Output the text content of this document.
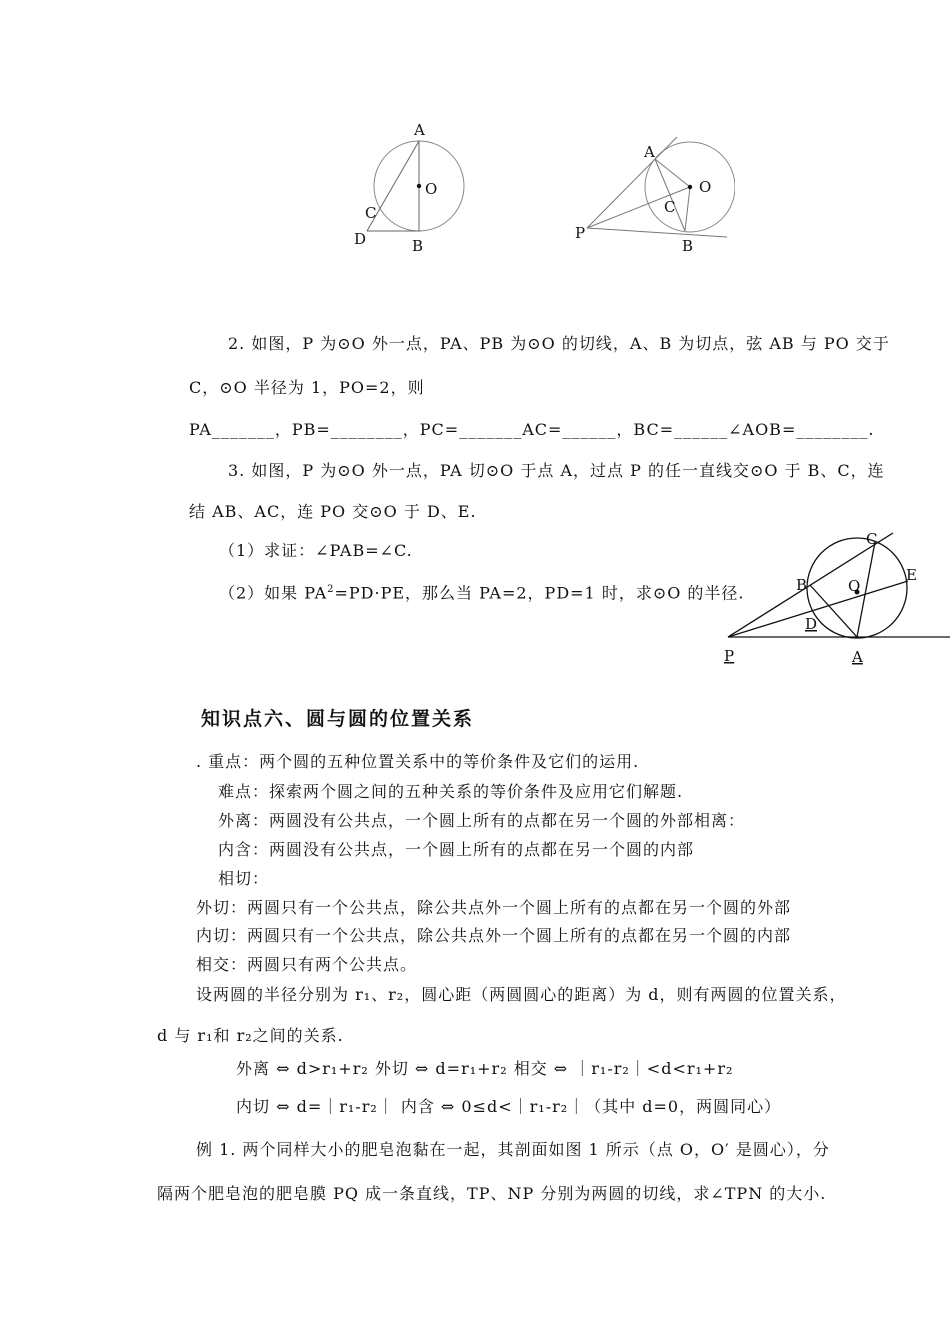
A
O
C
D	B
A
O
C
P
B
2. 如图，P 为⊙O 外一点，PA、PB 为⊙O 的切线，A、B 为切点，弦 AB 与 PO 交于
C，⊙O 半径为 1，PO=2，则
PA_______，PB=________，PC=_______AC=______，BC=______∠AOB=________.
3. 如图，P 为⊙O 外一点，PA 切⊙O 于点 A，过点 P 的任一直线交⊙O 于 B、C，连
结 AB、AC，连 PO 交⊙O 于 D、E.
（1）求证：∠PAB=∠C.
（2）如果 $PA^2=PD\cdot PE$，那么当 PA=2，PD=1 时，求⊙O 的半径.
C
E
B	O
D
P	A
知识点六、圆与圆的位置关系
. 重点：两个圆的五种位置关系中的等价条件及它们的运用.
难点：探索两个圆之间的五种关系的等价条件及应用它们解题.
外离：两圆没有公共点，一个圆上所有的点都在另一个圆的外部相离：
内含：两圆没有公共点，一个圆上所有的点都在另一个圆的内部
相切：
外切：两圆只有一个公共点，除公共点外一个圆上所有的点都在另一个圆的外部
内切：两圆只有一个公共点，除公共点外一个圆上所有的点都在另一个圆的内部
相交：两圆只有两个公共点。
设两圆的半径分别为 r₁、r₂，圆心距（两圆圆心的距离）为 d，则有两圆的位置关系，
d 与 r₁和 r₂之间的关系.
外离 ⇔ d>r₁+r₂ 外切 ⇔ d=r₁+r₂ 相交 ⇔ ｜r₁-r₂｜<d<r₁+r₂
内切 ⇔ d=｜r₁-r₂｜ 内含 ⇔ 0≤d<｜r₁-r₂｜（其中 d=0，两圆同心）
例 1. 两个同样大小的肥皂泡黏在一起，其剖面如图 1 所示（点 O，O′ 是圆心），分
隔两个肥皂泡的肥皂膜 PQ 成一条直线，TP、NP 分别为两圆的切线，求∠TPN 的大小.
